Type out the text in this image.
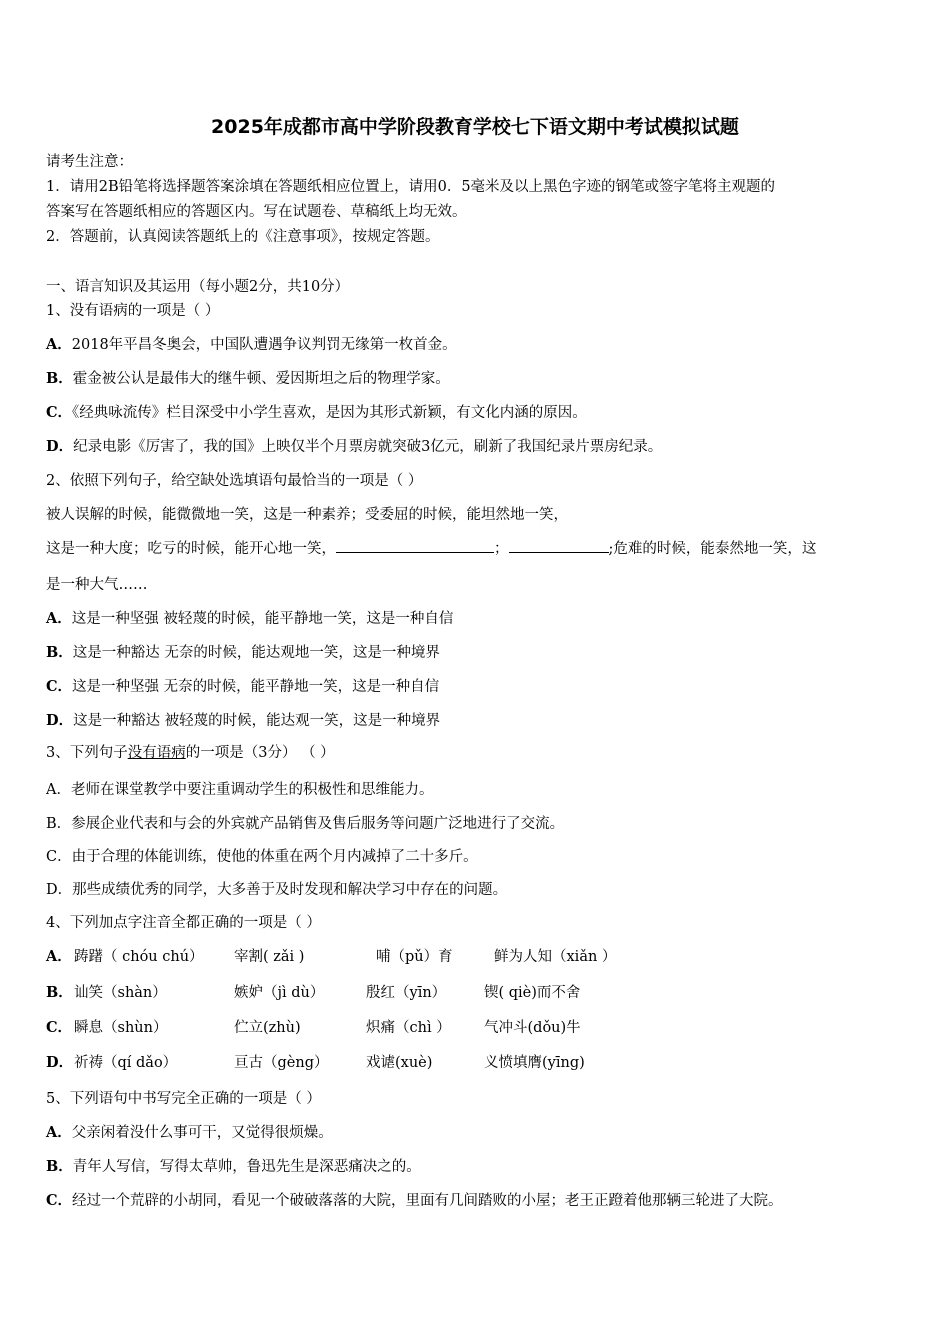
2025年成都市高中学阶段教育学校七下语文期中考试模拟试题
请考生注意：
1．请用2B铅笔将选择题答案涂填在答题纸相应位置上，请用0．5毫米及以上黑色字迹的钢笔或签字笔将主观题的
答案写在答题纸相应的答题区内。写在试题卷、草稿纸上均无效。
2．答题前，认真阅读答题纸上的《注意事项》，按规定答题。
一、语言知识及其运用（每小题2分，共10分）
1、没有语病的一项是（ ）
A．2018年平昌冬奥会，中国队遭遇争议判罚无缘第一枚首金。
B．霍金被公认是最伟大的继牛顿、爱因斯坦之后的物理学家。
C．《经典咏流传》栏目深受中小学生喜欢，是因为其形式新颖，有文化内涵的原因。
D．纪录电影《厉害了，我的国》上映仅半个月票房就突破3亿元，刷新了我国纪录片票房纪录。
2、依照下列句子，给空缺处选填语句最恰当的一项是（ ）
被人误解的时候，能微微地一笑，这是一种素养；受委屈的时候，能坦然地一笑，
这是一种大度；吃亏的时候，能开心地一笑，	；	;危难的时候，能泰然地一笑，这
是一种大气……
A．这是一种坚强 被轻蔑的时候，能平静地一笑，这是一种自信
B．这是一种豁达 无奈的时候，能达观地一笑，这是一种境界
C．这是一种坚强 无奈的时候，能平静地一笑，这是一种自信
D．这是一种豁达 被轻蔑的时候，能达观一笑，这是一种境界
3、下列句子没有语病的一项是（3分） （ ）
A．老师在课堂教学中要注重调动学生的积极性和思维能力。
B．参展企业代表和与会的外宾就产品销售及售后服务等问题广泛地进行了交流。
C．由于合理的体能训练，使他的体重在两个月内减掉了二十多斤。
D．那些成绩优秀的同学，大多善于及时发现和解决学习中存在的问题。
4、下列加点字注音全都正确的一项是（ ）
A． 踌躇（ chóu chú） 宰割( zǎi )	哺（pǔ）育	鲜为人知（xiǎn ）
B． 讪笑（shàn）	嫉妒（jì dù）	殷红（yīn）	锲( qiè)而不舍
C． 瞬息（shùn）	伫立(zhù)	炽痛（chì ） 气冲斗(dǒu)牛
D． 祈祷（qí dǎo）	亘古（gèng）	戏谑(xuè)	义愤填膺(yīng)
5、下列语句中书写完全正确的一项是（ ）
A．父亲闲着没什么事可干，又觉得很烦燥。
B．青年人写信，写得太草帅，鲁迅先生是深恶痛决之的。
C．经过一个荒辟的小胡同，看见一个破破落落的大院，里面有几间踏败的小屋；老王正蹬着他那辆三轮进了大院。
